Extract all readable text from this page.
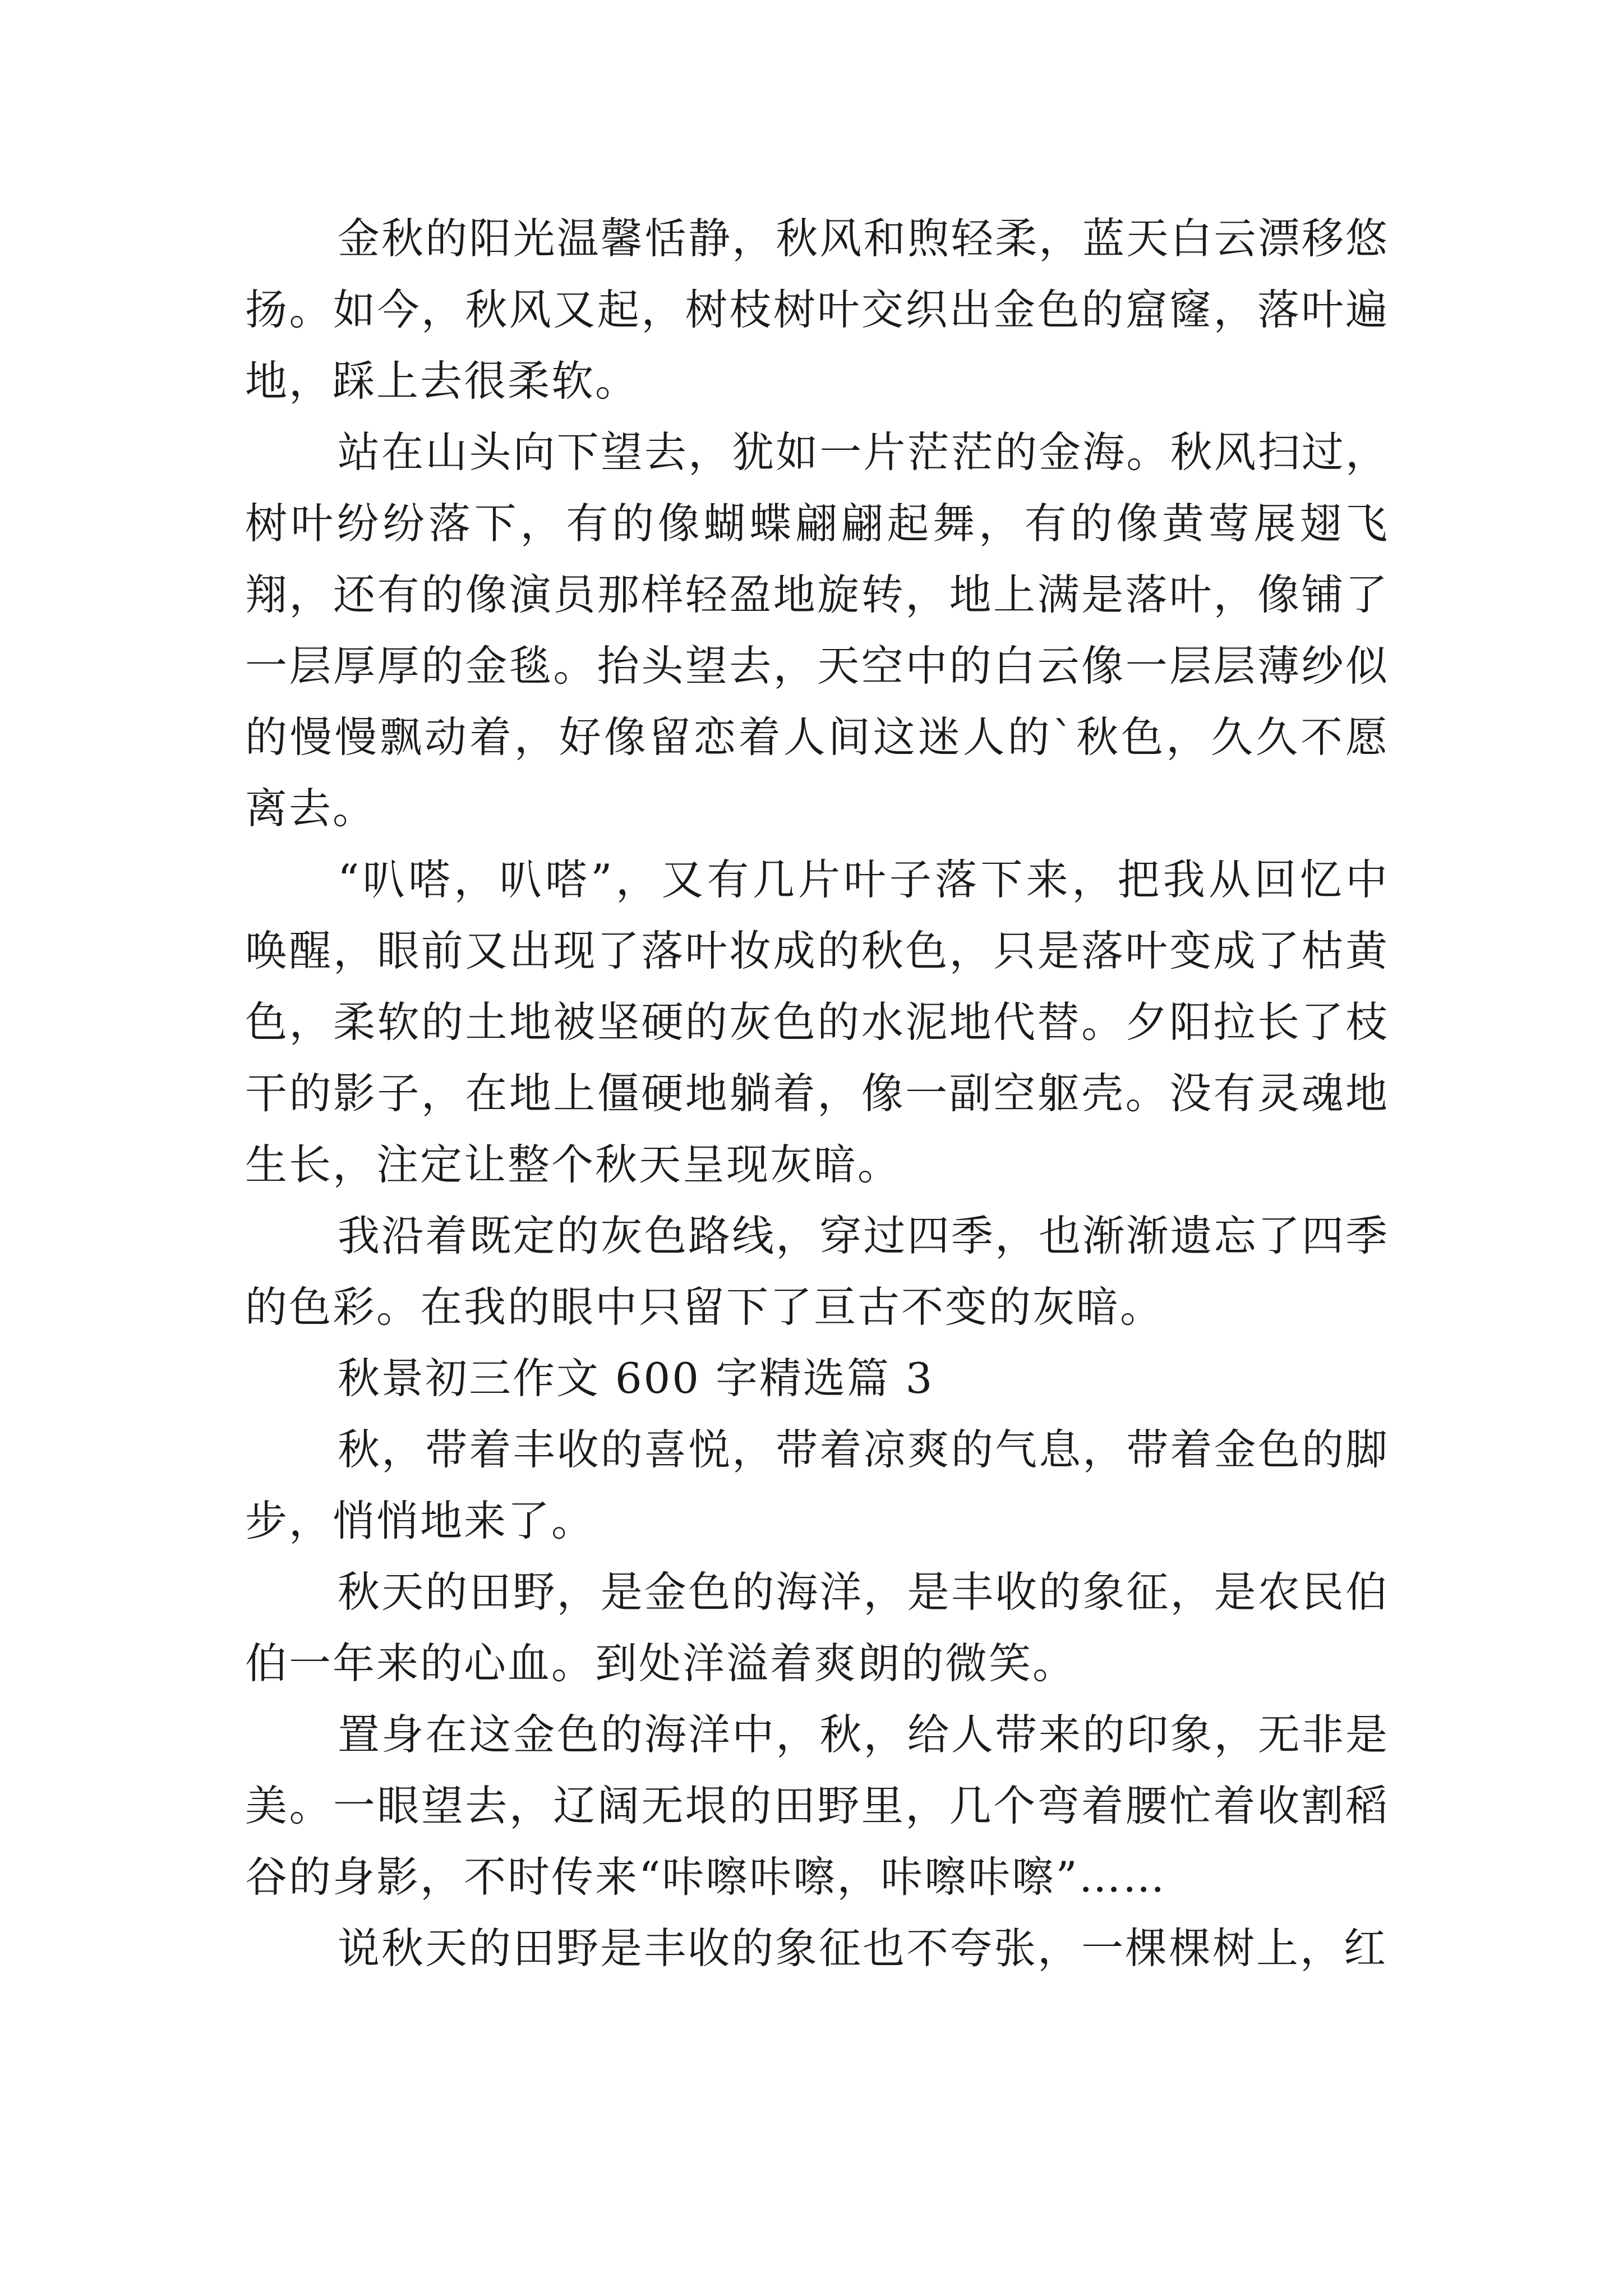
金秋的阳光温馨恬静，秋风和煦轻柔，蓝天白云漂移悠扬。如今，秋风又起，树枝树叶交织出金色的窟窿，落叶遍地，踩上去很柔软。

站在山头向下望去，犹如一片茫茫的金海。秋风扫过，树叶纷纷落下，有的像蝴蝶翩翩起舞，有的像黄莺展翅飞翔，还有的像演员那样轻盈地旋转，地上满是落叶，像铺了一层厚厚的金毯。抬头望去，天空中的白云像一层层薄纱似的慢慢飘动着，好像留恋着人间这迷人的`秋色，久久不愿离去。

“叭嗒，叭嗒”，又有几片叶子落下来，把我从回忆中唤醒，眼前又出现了落叶妆成的秋色，只是落叶变成了枯黄色，柔软的土地被坚硬的灰色的水泥地代替。夕阳拉长了枝干的影子，在地上僵硬地躺着，像一副空躯壳。没有灵魂地生长，注定让整个秋天呈现灰暗。

我沿着既定的灰色路线，穿过四季，也渐渐遗忘了四季的色彩。在我的眼中只留下了亘古不变的灰暗。

秋景初三作文 600 字精选篇 3

秋，带着丰收的喜悦，带着凉爽的气息，带着金色的脚步，悄悄地来了。

秋天的田野，是金色的海洋，是丰收的象征，是农民伯伯一年来的心血。到处洋溢着爽朗的微笑。

置身在这金色的海洋中，秋，给人带来的印象，无非是美。一眼望去，辽阔无垠的田野里，几个弯着腰忙着收割稻谷的身影，不时传来“咔嚓咔嚓，咔嚓咔嚓”……

说秋天的田野是丰收的象征也不夸张，一棵棵树上，红
